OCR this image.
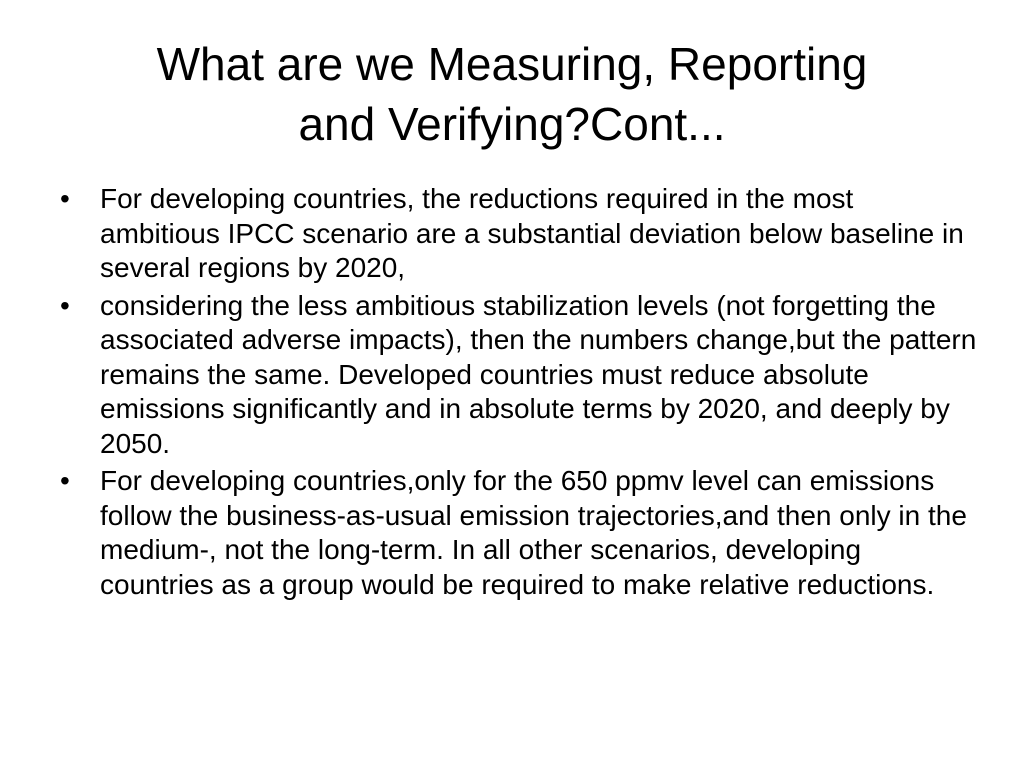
What are we Measuring, Reporting
and Verifying?Cont...
•	For developing countries, the reductions required in the most ambitious IPCC scenario are a substantial deviation below baseline in several regions by 2020,
•	considering the less ambitious stabilization levels (not forgetting the associated adverse impacts), then the numbers change,but the pattern remains the same. Developed countries must reduce absolute emissions significantly and in absolute terms by 2020, and deeply by 2050.
•	For developing countries,only for the 650 ppmv level can emissions follow the business-as-usual emission trajectories,and then only in the medium-, not the long-term. In all other scenarios, developing countries as a group would be required to make relative reductions.
